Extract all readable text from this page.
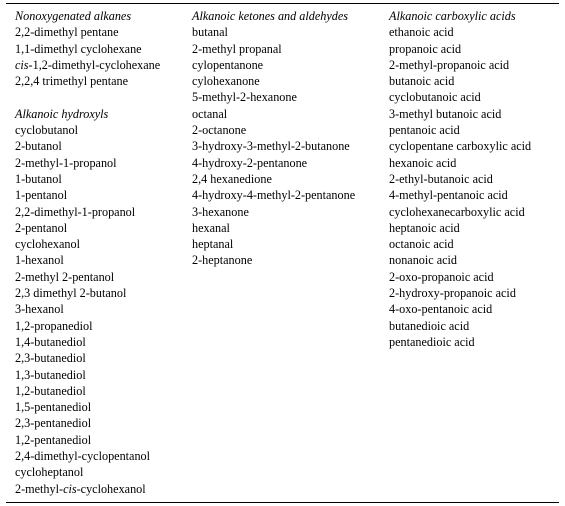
Nonoxygenated alkanes
2,2-dimethyl pentane
1,1-dimethyl cyclohexane
cis-1,2-dimethyl-cyclohexane
2,2,4 trimethyl pentane
Alkanoic hydroxyls
cyclobutanol
2-butanol
2-methyl-1-propanol
1-butanol
1-pentanol
2,2-dimethyl-1-propanol
2-pentanol
cyclohexanol
1-hexanol
2-methyl 2-pentanol
2,3 dimethyl 2-butanol
3-hexanol
1,2-propanediol
1,4-butanediol
2,3-butanediol
1,3-butanediol
1,2-butanediol
1,5-pentanediol
2,3-pentanediol
1,2-pentanediol
2,4-dimethyl-cyclopentanol
cycloheptanol
2-methyl-cis-cyclohexanol
Alkanoic ketones and aldehydes
butanal
2-methyl propanal
cylopentanone
cylohexanone
5-methyl-2-hexanone
octanal
2-octanone
3-hydroxy-3-methyl-2-butanone
4-hydroxy-2-pentanone
2,4 hexanedione
4-hydroxy-4-methyl-2-pentanone
3-hexanone
hexanal
heptanal
2-heptanone
Alkanoic carboxylic acids
ethanoic acid
propanoic acid
2-methyl-propanoic acid
butanoic acid
cyclobutanoic acid
3-methyl butanoic acid
pentanoic acid
cyclopentane carboxylic acid
hexanoic acid
2-ethyl-butanoic acid
4-methyl-pentanoic acid
cyclohexanecarboxylic acid
heptanoic acid
octanoic acid
nonanoic acid
2-oxo-propanoic acid
2-hydroxy-propanoic acid
4-oxo-pentanoic acid
butanedioic acid
pentanedioic acid
